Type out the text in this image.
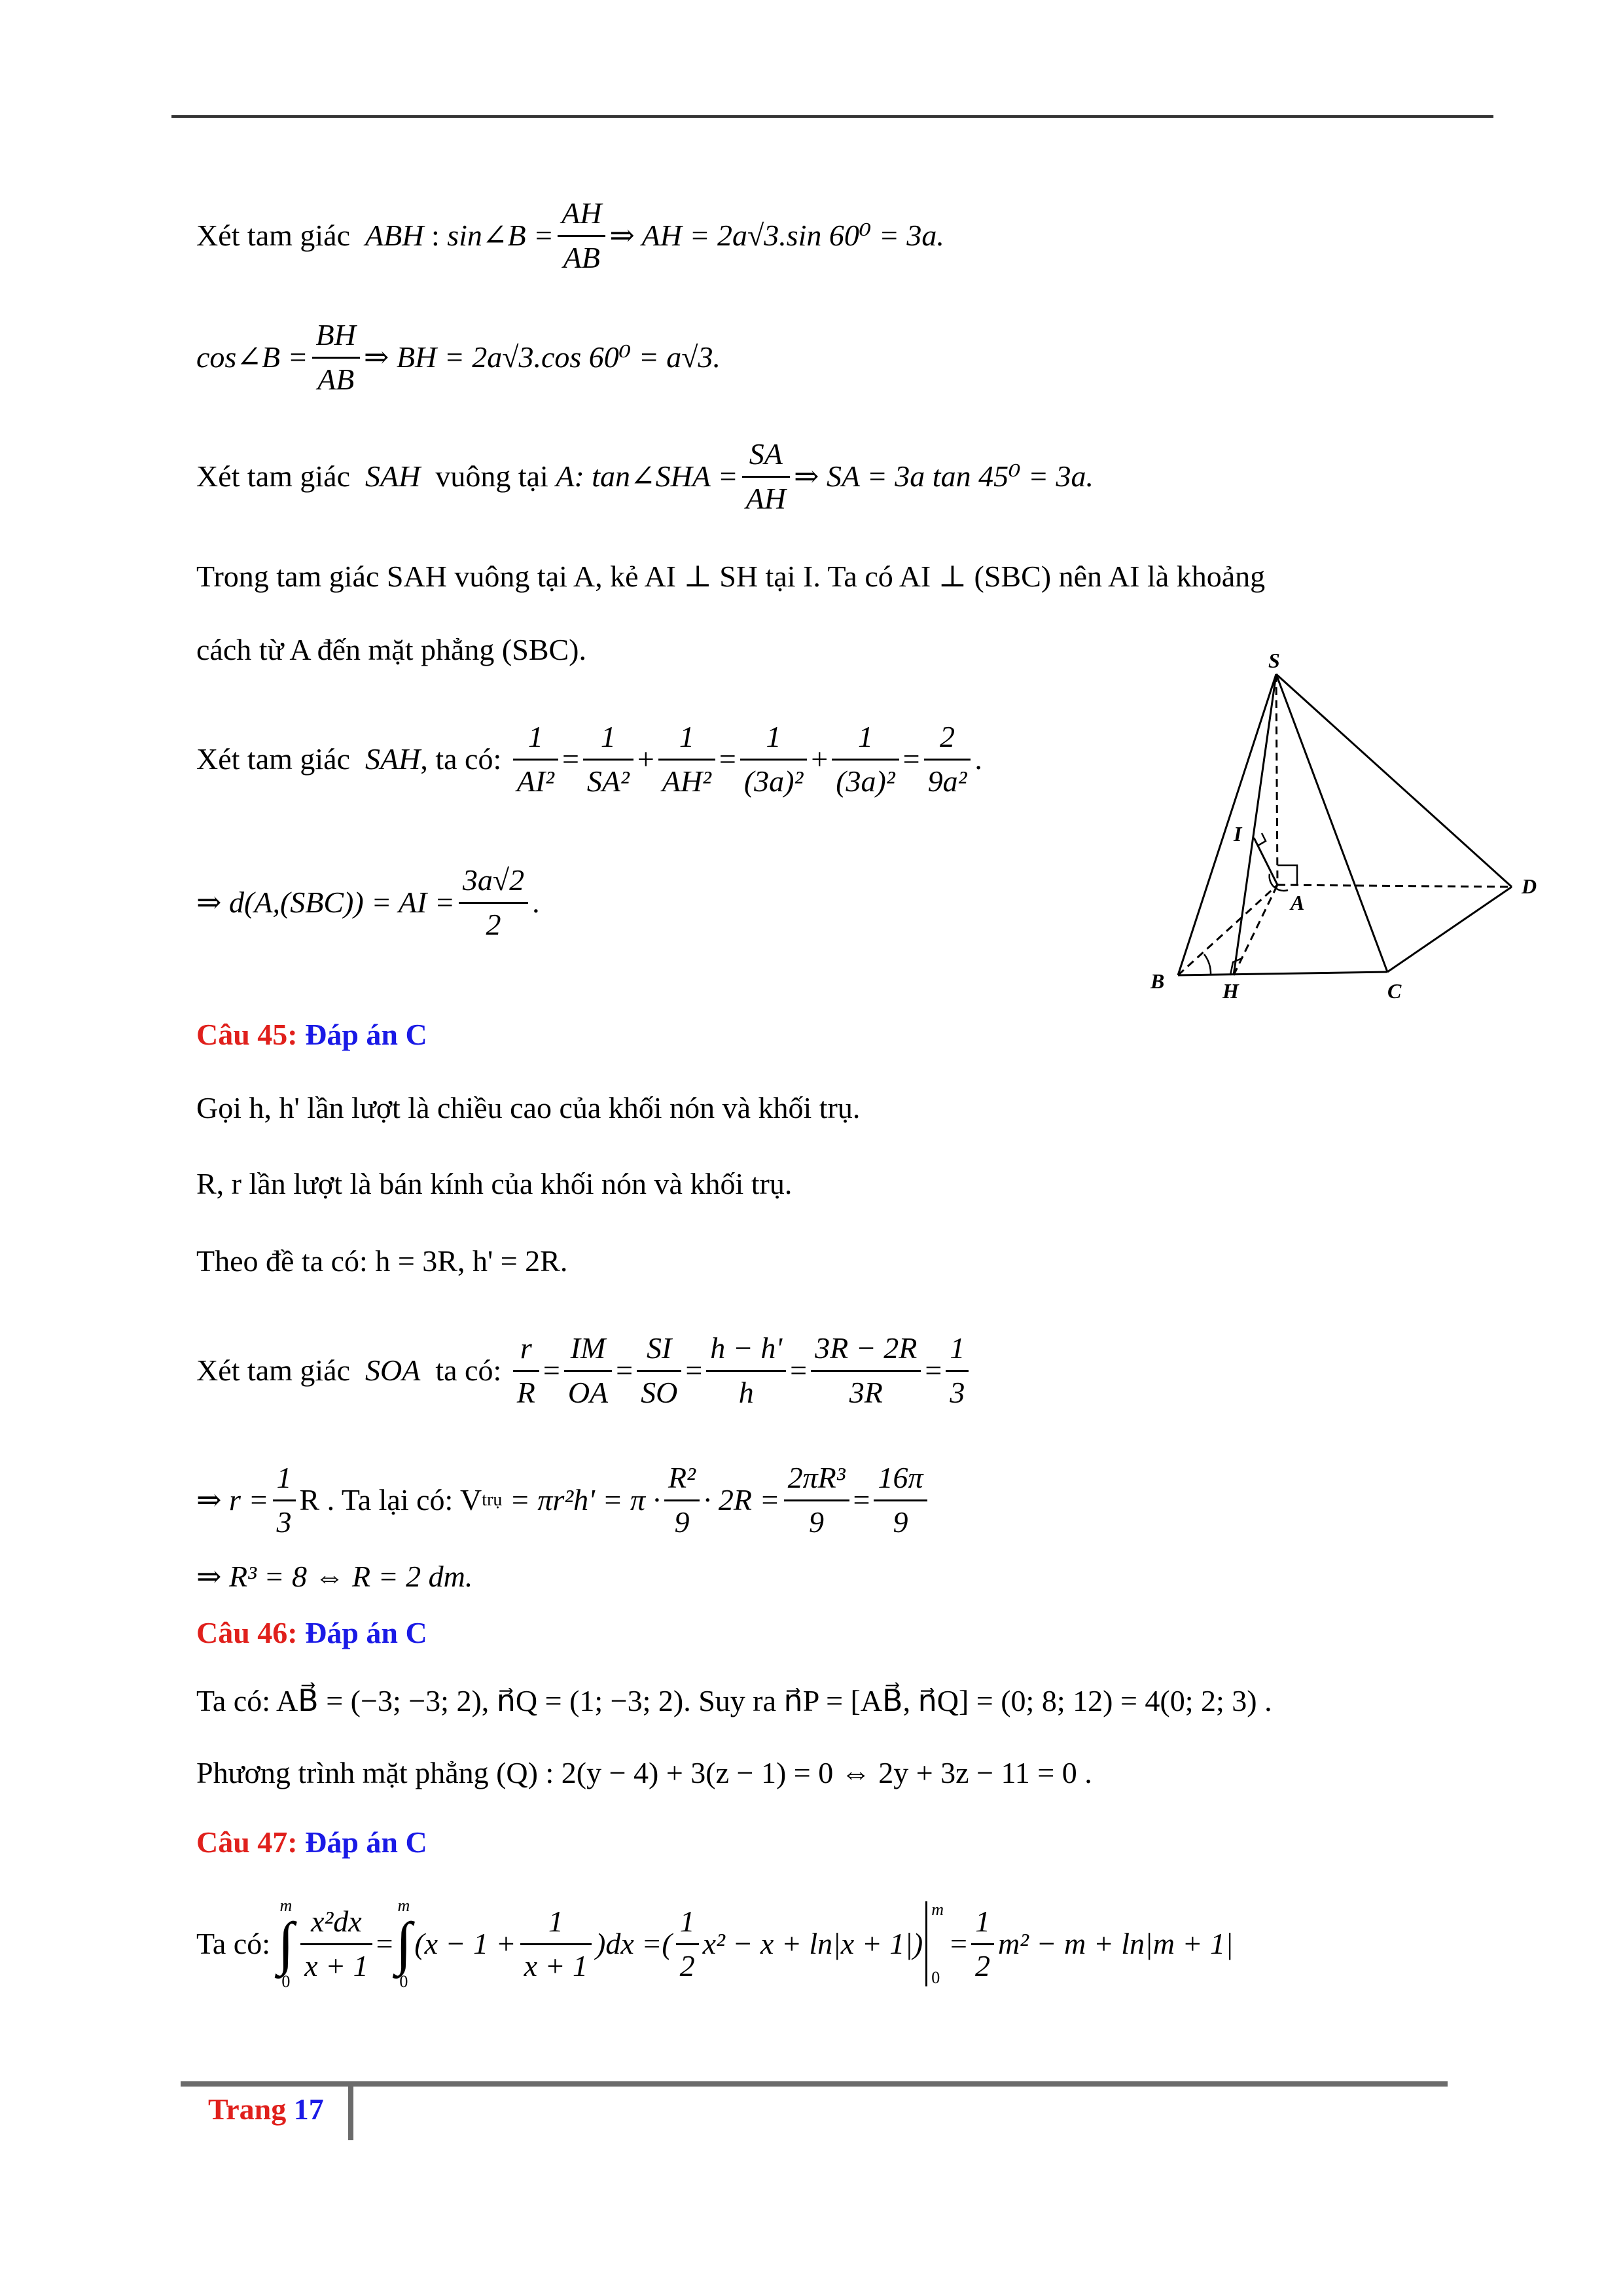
Xét tam giác
ABH
:
sin∠B = $\frac{AH}{AB}$ ⇒ AH = 2a√3.sin 60⁰ = 3a.
cos∠B = $\frac{BH}{AB}$ ⇒ BH = 2a√3.cos 60⁰ = a√3.
Xét tam giác
SAH
vuông tại
A : tan∠SHA = $\frac{SA}{AH}$ ⇒ SA = 3a tan 45⁰ = 3a.
Trong tam giác SAH vuông tại A, kẻ AI ⊥ SH tại I. Ta có AI ⊥ (SBC) nên AI là khoảng
cách từ A đến mặt phẳng (SBC).
Xét tam giác
SAH , ta có:
$\frac{1}{\text{AI²}} = \frac{1}{\text{SA²}} + \frac{1}{\text{AH²}} = \frac{1}{\text{(3a)²}} + \frac{1}{\text{(3a)²}} = \frac{2}{\text{9a²}}$ .
⇒ d(A,(SBC)) = AI = $\frac{3a√2}{2}$ .
S
I
A
D
B	H	C
Câu 45: Đáp án C
Gọi h, h' lần lượt là chiều cao của khối nón và khối trụ.
R, r lần lượt là bán kính của khối nón và khối trụ.
Theo đề ta có: h = 3R, h' = 2R.
Xét tam giác
SOA
ta có:
$\frac{r}{R} = \frac{IM}{OA} = \frac{SI}{SO} = \frac{h - h'}{h} = \frac{3R - 2R}{3R} = \frac{1}{3}$
⇒ $r = \frac{1}{3}$ R . Ta lại có: V trụ
= $\pi r^2h' = \pi \cdot \frac{\text{R²}}{9} \cdot 2R = \frac{\text{2πR³}}{9} = \frac{16\pi}{9}$
⇒ R³ = 8 ⇔ R = 2 dm.
Câu 46: Đáp án C
Ta có: AB⃗ = (−3; −3; 2), n⃗Q = (1; −3; 2). Suy ra n⃗P = [AB⃗, n⃗Q] = (0; 8; 12) = 4(0; 2; 3) .
Phương trình mặt phẳng (Q) : 2(y − 4) + 3(z − 1) = 0 ⇔ 2y + 3z − 11 = 0 .
Câu 47: Đáp án C
Ta có:

m
∫
$0 \frac{\text{x²dx}}{x + 1}$ =
m
∫
0
$(x - 1 + \frac{1}{x + 1} )dx$ = ( $\frac{1}{2} x^2 - x + \ln|x + 1|$)
m
0
= $\frac{1}{2} m^2 - m + \ln|m + 1|$
Trang 17
